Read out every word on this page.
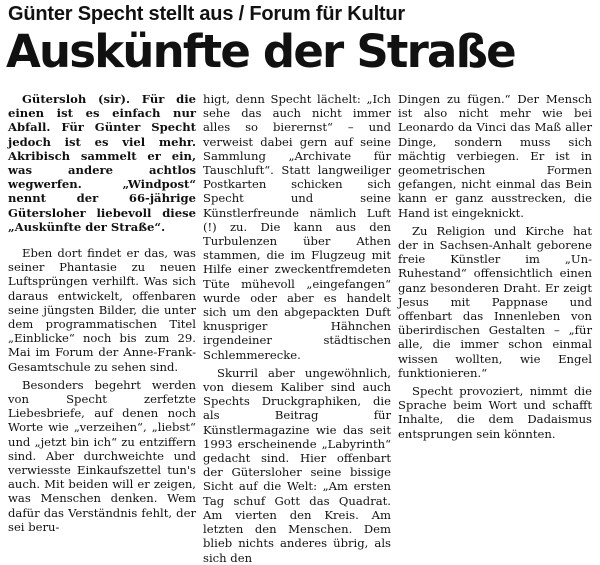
Günter Specht stellt aus / Forum für Kultur
Auskünfte der Straße

Gütersloh (sir). Für die einen ist es einfach nur Abfall. Für Günter Specht jedoch ist es viel mehr. Akribisch sammelt er ein, was andere achtlos wegwerfen. „Windpost“ nennt der 66-jährige Gütersloher liebevoll diese „Auskünfte der Straße“.

Eben dort findet er das, was seiner Phantasie zu neuen Luftsprüngen verhilft. Was sich daraus entwickelt, offenbaren seine jüngsten Bilder, die unter dem programmatischen Titel „Einblicke“ noch bis zum 29. Mai im Forum der Anne-Frank-Gesamtschule zu sehen sind.

Besonders begehrt werden von Specht zerfetzte Liebesbriefe, auf denen noch Worte wie „verzeihen“, „liebst“ und „jetzt bin ich“ zu entziffern sind. Aber durchweichte und verwiesste Einkaufszettel tun's auch. Mit beiden will er zeigen, was Menschen denken. Wem dafür das Verständnis fehlt, der sei beru-

higt, denn Specht lächelt: „Ich sehe das auch nicht immer alles so bierernst“ – und verweist dabei gern auf seine Sammlung „Archivate für Tauschluft“. Statt langweiliger Postkarten schicken sich Specht und seine Künstlerfreunde nämlich Luft (!) zu. Die kann aus den Turbulenzen über Athen stammen, die im Flugzeug mit Hilfe einer zweckentfremdeten Tüte mühevoll „eingefangen“ wurde oder aber es handelt sich um den abgepackten Duft knuspriger Hähnchen irgendeiner städtischen Schlemmerecke.

Skurril aber ungewöhnlich, von diesem Kaliber sind auch Spechts Druckgraphiken, die als Beitrag für Künstlermagazine wie das seit 1993 erscheinende „Labyrinth“ gedacht sind. Hier offenbart der Gütersloher seine bissige Sicht auf die Welt: „Am ersten Tag schuf Gott das Quadrat. Am vierten den Kreis. Am letzten den Menschen. Dem blieb nichts anderes übrig, als sich den

Dingen zu fügen.“ Der Mensch ist also nicht mehr wie bei Leonardo da Vinci das Maß aller Dinge, sondern muss sich mächtig verbiegen. Er ist in geometrischen Formen gefangen, nicht einmal das Bein kann er ganz ausstrecken, die Hand ist eingeknickt.

Zu Religion und Kirche hat der in Sachsen-Anhalt geborene freie Künstler im „Un-Ruhestand“ offensichtlich einen ganz besonderen Draht. Er zeigt Jesus mit Pappnase und offenbart das Innenleben von überirdischen Gestalten – „für alle, die immer schon einmal wissen wollten, wie Engel funktionieren.“

Specht provoziert, nimmt die Sprache beim Wort und schafft Inhalte, die dem Dadaismus entsprungen sein könnten.
